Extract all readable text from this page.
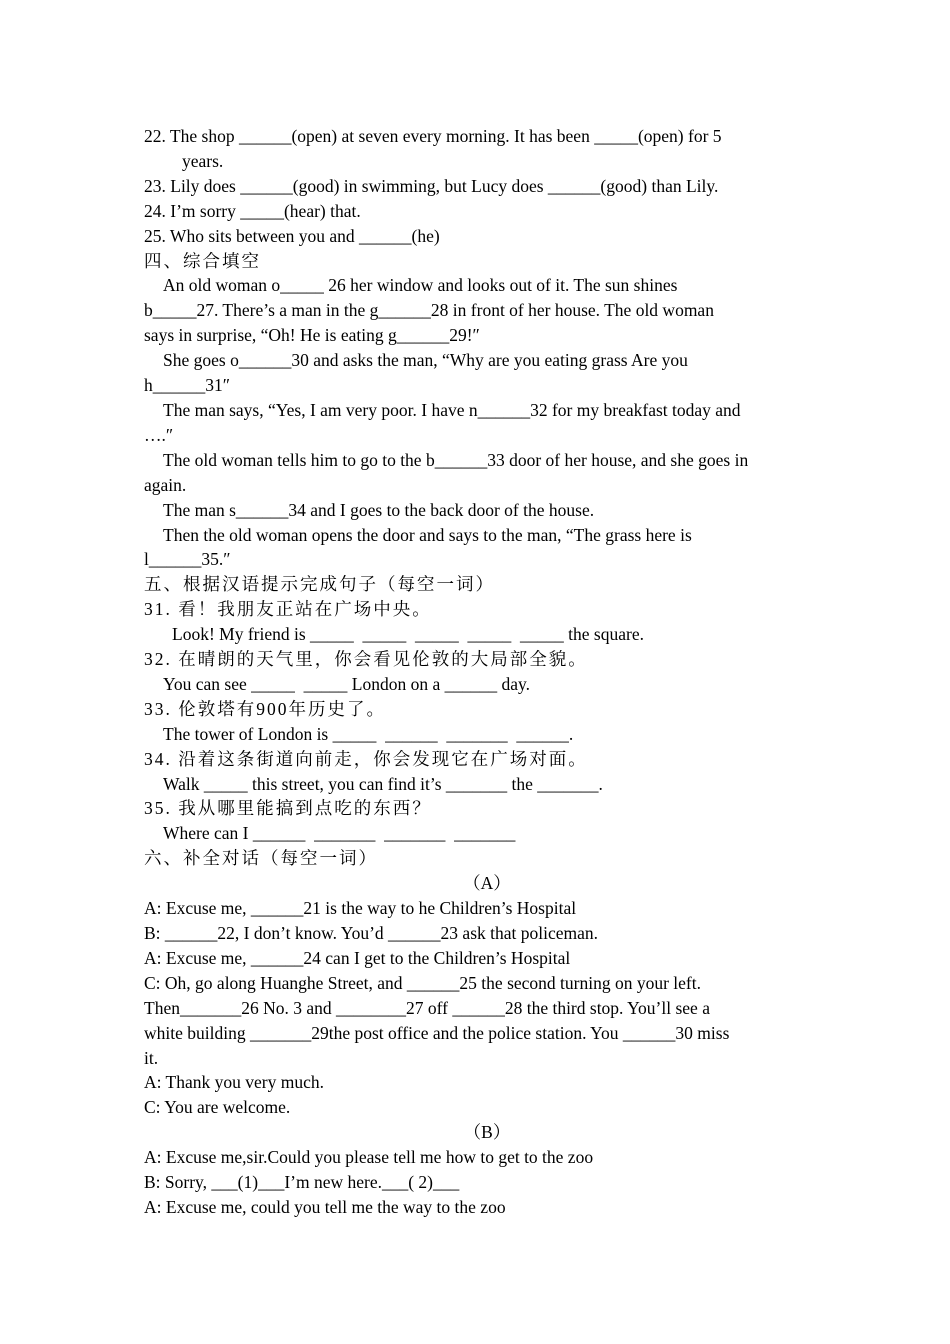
22. The shop ______(open) at seven every morning. It has been _____(open) for 5
years.
23. Lily does ______(good) in swimming, but Lucy does ______(good) than Lily.
24. I’m sorry _____(hear) that.
25. Who sits between you and ______(he)
四、综合填空
An old woman o_____ 26 her window and looks out of it. The sun shines
b_____27. There’s a man in the g______28 in front of her house. The old woman
says in surprise, “Oh! He is eating g______29!″
She goes o______30 and asks the man, “Why are you eating grass Are you
h______31″
The man says, “Yes, I am very poor. I have n______32 for my breakfast today and
….″
The old woman tells him to go to the b______33 door of her house, and she goes in
again.
The man s______34 and I goes to the back door of the house.
Then the old woman opens the door and says to the man, “The grass here is
l______35.″
五、根据汉语提示完成句子（每空一词）
31. 看！我朋友正站在广场中央。
Look! My friend is _____  _____  _____  _____  _____ the square.
32. 在晴朗的天气里，你会看见伦敦的大局部全貌。
You can see _____  _____ London on a ______ day.
33. 伦敦塔有900年历史了。
The tower of London is _____  ______  _______  ______.
34. 沿着这条街道向前走，你会发现它在广场对面。
Walk _____ this street, you can find it’s _______ the _______.
35. 我从哪里能搞到点吃的东西？
Where can I ______  _______  _______  _______
六、补全对话（每空一词）
（A）
A: Excuse me, ______21 is the way to he Children’s Hospital
B: ______22, I don’t know. You’d ______23 ask that policeman.
A: Excuse me, ______24 can I get to the Children’s Hospital
C: Oh, go along Huanghe Street, and ______25 the second turning on your left.
Then_______26 No. 3 and ________27 off ______28 the third stop. You’ll see a
white building _______29the post office and the police station. You ______30 miss
it.
A: Thank you very much.
C: You are welcome.
（B）
A: Excuse me,sir.Could you please tell me how to get to the zoo
B: Sorry, ___(1)___I’m new here.___( 2)___
A: Excuse me, could you tell me the way to the zoo
